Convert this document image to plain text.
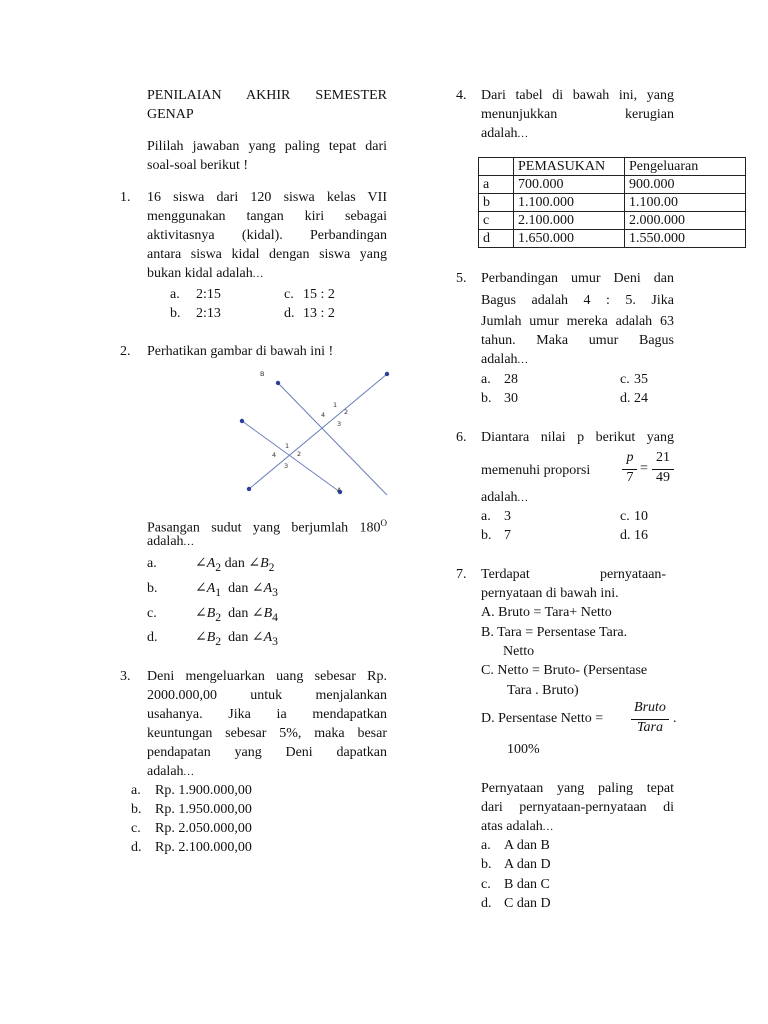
PENILAIAN AKHIR SEMESTER
GENAP
Pililah jawaban yang paling tepat dari
soal-soal berikut !
1. 16 siswa dari 120 siswa kelas VII
menggunakan tangan kiri sebagai
aktivitasnya (kidal). Perbandingan
antara siswa kidal dengan siswa yang
bukan kidal adalah...
a. 2:15	c. 15 : 2
b. 2:13	d. 13 : 2
2. Perhatikan gambar di bawah ini !
B
1
2
4
3
1
2
4
3
A
Pasangan sudut yang berjumlah $180^O$
adalah...
a.	$\angle A_2$ dan $\angle B_2$
b.	$\angle A_1$ dan $\angle A_3$
c.	$\angle B_2$ dan $\angle B_4$
d.	$\angle B_2$ dan $\angle A_3$
3. Deni mengeluarkan uang sebesar Rp.
2000.000,00 untuk menjalankan
usahanya. Jika ia mendapatkan
keuntungan sebesar 5%, maka besar
pendapatan yang Deni dapatkan
adalah...
a. Rp. 1.900.000,00
b. Rp. 1.950.000,00
c. Rp. 2.050.000,00
d. Rp. 2.100.000,00
4. Dari tabel di bawah ini, yang
menunjukkan kerugian
adalah...
	PEMASUKAN	Pengeluaran
a	700.000	900.000
b	1.100.000	1.100.00
c	2.100.000	2.000.000
d	1.650.000	1.550.000
5. Perbandingan umur Deni dan
Bagus adalah 4 : 5. Jika
Jumlah umur mereka adalah 63
tahun. Maka umur Bagus
adalah...
a. 28	c. 35
b. 30	d. 24
6. Diantara nilai p berikut yang
memenuhi proporsi
p
7
=
21
49
adalah...
a. 3	c. 10
b. 7	d. 16
7. Terdapat	pernyataan-
pernyataan di bawah ini.
A. Bruto = Tara+ Netto
B. Tara = Persentase Tara.
Netto
C. Netto = Bruto- (Persentase
Tara . Bruto)
D. Persentase Netto =
Bruto
Tara
.
100%
Pernyataan yang paling tepat
dari pernyataan-pernyataan di
atas adalah...
a. A dan B
b. A dan D
c. B dan C
d. C dan D
